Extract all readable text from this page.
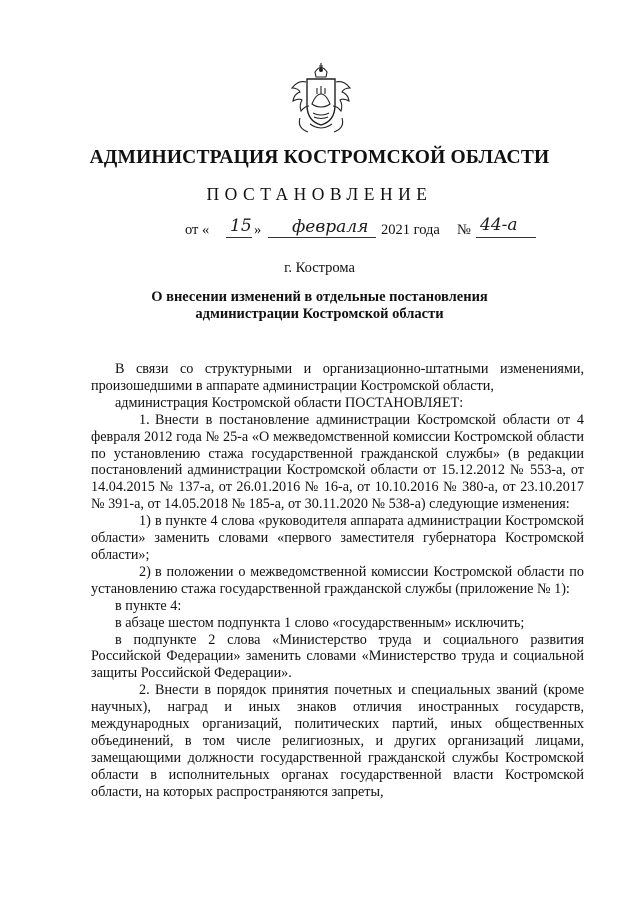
АДМИНИСТРАЦИЯ КОСТРОМСКОЙ ОБЛАСТИ
ПОСТАНОВЛЕНИЕ
от « 15 » февраля 2021 года № 44-а
г. Кострома
О внесении изменений в отдельные постановления
администрации Костромской области

В связи со структурными и организационно-штатными изменениями, произошедшими в аппарате администрации Костромской области,

администрация Костромской области ПОСТАНОВЛЯЕТ:

1. Внести в постановление администрации Костромской области от 4 февраля 2012 года № 25-а «О межведомственной комиссии Костромской области по установлению стажа государственной гражданской службы» (в редакции постановлений администрации Костромской области от 15.12.2012 № 553-а, от 14.04.2015 № 137-а, от 26.01.2016 № 16-а, от 10.10.2016 № 380-а, от 23.10.2017 № 391-а, от 14.05.2018 № 185-а, от 30.11.2020 № 538-а) следующие изменения:

1) в пункте 4 слова «руководителя аппарата администрации Костромской области» заменить словами «первого заместителя губернатора Костромской области»;

2) в положении о межведомственной комиссии Костромской области по установлению стажа государственной гражданской службы (приложение № 1):

в пункте 4:

в абзаце шестом подпункта 1 слово «государственным» исключить;

в подпункте 2 слова «Министерство труда и социального развития Российской Федерации» заменить словами «Министерство труда и социальной защиты Российской Федерации».

2. Внести в порядок принятия почетных и специальных званий (кроме научных), наград и иных знаков отличия иностранных государств, международных организаций, политических партий, иных общественных объединений, в том числе религиозных, и других организаций лицами, замещающими должности государственной гражданской службы Костромской области в исполнительных органах государственной власти Костромской области, на которых распространяются запреты,
